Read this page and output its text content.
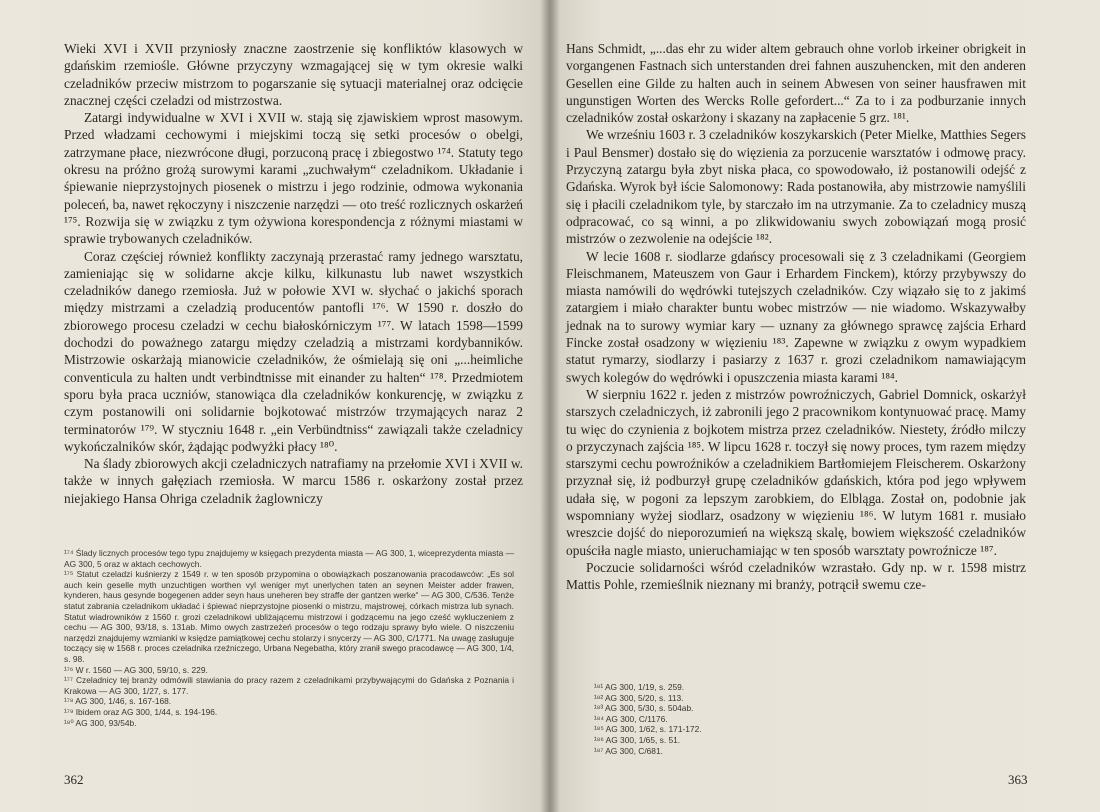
Wieki XVI i XVII przyniosły znaczne zaostrzenie się konfliktów klasowych w gdańskim rzemiośle. Główne przyczyny wzmagającej się w tym okresie walki czeladników przeciw mistrzom to pogarszanie się sytuacji materialnej oraz odcięcie znacznej części czeladzi od mistrzostwa.

Zatargi indywidualne w XVI i XVII w. stają się zjawiskiem wprost masowym. Przed władzami cechowymi i miejskimi toczą się setki procesów o obelgi, zatrzymane płace, niezwrócone długi, porzuconą pracę i zbiegostwo ¹⁷⁴. Statuty tego okresu na próżno grożą surowymi karami „zuchwałym“ czeladnikom. Układanie i śpiewanie nieprzystojnych piosenek o mistrzu i jego rodzinie, odmowa wykonania poleceń, ba, nawet rękoczyny i niszczenie narzędzi — oto treść rozlicznych oskarżeń ¹⁷⁵. Rozwija się w związku z tym ożywiona korespondencja z różnymi miastami w sprawie trybowanych czeladników.

Coraz częściej również konflikty zaczynają przerastać ramy jednego warsztatu, zamieniając się w solidarne akcje kilku, kilkunastu lub nawet wszystkich czeladników danego rzemiosła. Już w połowie XVI w. słychać o jakichś sporach między mistrzami a czeladzią producentów pantofli ¹⁷⁶. W 1590 r. doszło do zbiorowego procesu czeladzi w cechu białoskórniczym ¹⁷⁷. W latach 1598—1599 dochodzi do poważnego zatargu między czeladzią a mistrzami kordybanników. Mistrzowie oskarżają mianowicie czeladników, że ośmielają się oni „...heimliche conventicula zu halten undt verbindtnisse mit einander zu halten“ ¹⁷⁸. Przedmiotem sporu była praca uczniów, stanowiąca dla czeladników konkurencję, w związku z czym postanowili oni solidarnie bojkotować mistrzów trzymających naraz 2 terminatorów ¹⁷⁹. W styczniu 1648 r. „ein Verbündtniss“ zawiązali także czeladnicy wykończalników skór, żądając podwyżki płacy ¹⁸⁰.

Na ślady zbiorowych akcji czeladniczych natrafiamy na przełomie XVI i XVII w. także w innych gałęziach rzemiosła. W marcu 1586 r. oskarżony został przez niejakiego Hansa Ohriga czeladnik żaglowniczy

¹⁷⁴ Ślady licznych procesów tego typu znajdujemy w księgach prezydenta miasta — AG 300, 1, wiceprezydenta miasta — AG 300, 5 oraz w aktach cechowych.
¹⁷⁵ Statut czeladzi kuśnierzy z 1549 r. w ten sposób przypomina o obowiązkach poszanowania pracodawców: „Es sol auch kein geselle myth unzuchtigen worthen vyl weniger myt unerlychen taten an seynen Meister adder frawen, kynderen, haus gesynde bogegenen adder seyn haus uneheren bey straffe der gantzen werke“ — AG 300, C/536. Tenże statut zabrania czeladnikom układać i śpiewać nieprzystojne piosenki o mistrzu, majstrowej, córkach mistrza lub synach. Statut wiadrowników z 1560 r. grozi czeladnikowi ubliżającemu mistrzowi i godzącemu na jego cześć wykluczeniem z cechu — AG 300, 93/18, s. 131ab. Mimo owych zastrzeżeń procesów o tego rodzaju sprawy było wiele. O niszczeniu narzędzi znajdujemy wzmianki w księdze pamiątkowej cechu stolarzy i snycerzy — AG 300, C/1771. Na uwagę zasługuje toczący się w 1568 r. proces czeladnika rzeźniczego, Urbana Negebatha, który zranił swego pracodawcę — AG 300, 1/4, s. 98.
¹⁷⁶ W r. 1560 — AG 300, 59/10, s. 229.
¹⁷⁷ Czeladnicy tej branży odmówili stawiania do pracy razem z czeladnikami przybywającymi do Gdańska z Poznania i Krakowa — AG 300, 1/27, s. 177.
¹⁷⁸ AG 300, 1/46, s. 167-168.
¹⁷⁹ Ibidem oraz AG 300, 1/44, s. 194-196.
¹⁸⁰ AG 300, 93/54b.
362

Hans Schmidt, „...das ehr zu wider altem gebrauch ohne vorlob irkeiner obrigkeit in vorgangenen Fastnach sich unterstanden drei fahnen auszuhencken, mit den anderen Gesellen eine Gilde zu halten auch in seinem Abwesen von seiner hausfrawen mit ungunstigen Worten des Wercks Rolle gefordert...“ Za to i za podburzanie innych czeladników został oskarżony i skazany na zapłacenie 5 grz. ¹⁸¹.

We wrześniu 1603 r. 3 czeladników koszykarskich (Peter Mielke, Matthies Segers i Paul Bensmer) dostało się do więzienia za porzucenie warsztatów i odmowę pracy. Przyczyną zatargu była zbyt niska płaca, co spowodowało, iż postanowili odejść z Gdańska. Wyrok był iście Salomonowy: Rada postanowiła, aby mistrzowie namyślili się i płacili czeladnikom tyle, by starczało im na utrzymanie. Za to czeladnicy muszą odpracować, co są winni, a po zlikwidowaniu swych zobowiązań mogą prosić mistrzów o zezwolenie na odejście ¹⁸².

W lecie 1608 r. siodlarze gdańscy procesowali się z 3 czeladnikami (Georgiem Fleischmanem, Mateuszem von Gaur i Erhardem Finckem), którzy przybywszy do miasta namówili do wędrówki tutejszych czeladników. Czy wiązało się to z jakimś zatargiem i miało charakter buntu wobec mistrzów — nie wiadomo. Wskazywałby jednak na to surowy wymiar kary — uznany za głównego sprawcę zajścia Erhard Fincke został osadzony w więzieniu ¹⁸³. Zapewne w związku z owym wypadkiem statut rymarzy, siodlarzy i pasiarzy z 1637 r. grozi czeladnikom namawiającym swych kolegów do wędrówki i opuszczenia miasta karami ¹⁸⁴.

W sierpniu 1622 r. jeden z mistrzów powroźniczych, Gabriel Domnick, oskarżył starszych czeladniczych, iż zabronili jego 2 pracownikom kontynuować pracę. Mamy tu więc do czynienia z bojkotem mistrza przez czeladników. Niestety, źródło milczy o przyczynach zajścia ¹⁸⁵. W lipcu 1628 r. toczył się nowy proces, tym razem między starszymi cechu powroźników a czeladnikiem Bartłomiejem Fleischerem. Oskarżony przyznał się, iż podburzył grupę czeladników gdańskich, która pod jego wpływem udała się, w pogoni za lepszym zarobkiem, do Elbląga. Został on, podobnie jak wspomniany wyżej siodlarz, osadzony w więzieniu ¹⁸⁶. W lutym 1681 r. musiało wreszcie dojść do nieporozumień na większą skalę, bowiem większość czeladników opuściła nagle miasto, unieruchamiając w ten sposób warsztaty powroźnicze ¹⁸⁷.

Poczucie solidarności wśród czeladników wzrastało. Gdy np. w r. 1598 mistrz Mattis Pohle, rzemieślnik nieznany mi branży, potrącił swemu cze-

¹⁸¹ AG 300, 1/19, s. 259.
¹⁸² AG 300, 5/20, s. 113.
¹⁸³ AG 300, 5/30, s. 504ab.
¹⁸⁴ AG 300, C/1176.
¹⁸⁵ AG 300, 1/62, s. 171-172.
¹⁸⁶ AG 300, 1/65, s. 51.
¹⁸⁷ AG 300, C/681.
363
